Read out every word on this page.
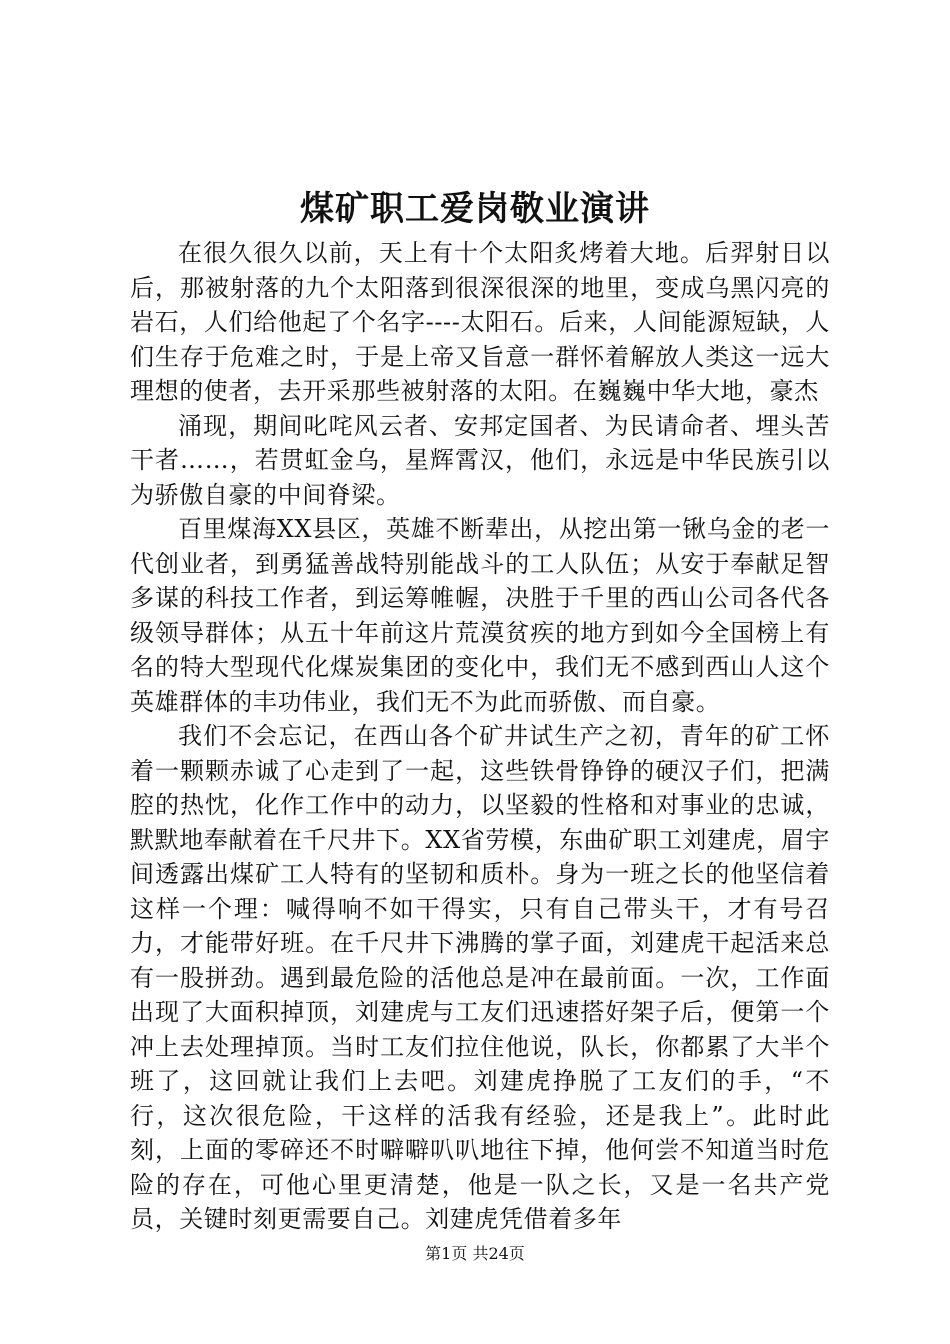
煤矿职工爱岗敬业演讲

在很久很久以前，天上有十个太阳炙烤着大地。后羿射日以后，那被射落的九个太阳落到很深很深的地里，变成乌黑闪亮的岩石，人们给他起了个名字----太阳石。后来，人间能源短缺，人们生存于危难之时，于是上帝又旨意一群怀着解放人类这一远大理想的使者，去开采那些被射落的太阳。在巍巍中华大地，豪杰

涌现，期间叱咤风云者、安邦定国者、为民请命者、埋头苦干者……，若贯虹金乌，星辉霄汉，他们，永远是中华民族引以为骄傲自豪的中间脊梁。

百里煤海XX县区，英雄不断辈出，从挖出第一锹乌金的老一代创业者，到勇猛善战特别能战斗的工人队伍；从安于奉献足智多谋的科技工作者，到运筹帷幄，决胜于千里的西山公司各代各级领导群体；从五十年前这片荒漠贫疾的地方到如今全国榜上有名的特大型现代化煤炭集团的变化中，我们无不感到西山人这个英雄群体的丰功伟业，我们无不为此而骄傲、而自豪。

我们不会忘记，在西山各个矿井试生产之初，青年的矿工怀着一颗颗赤诚了心走到了一起，这些铁骨铮铮的硬汉子们，把满腔的热忱，化作工作中的动力，以坚毅的性格和对事业的忠诚，默默地奉献着在千尺井下。XX省劳模，东曲矿职工刘建虎，眉宇间透露出煤矿工人特有的坚韧和质朴。身为一班之长的他坚信着这样一个理：喊得响不如干得实，只有自己带头干，才有号召力，才能带好班。在千尺井下沸腾的掌子面，刘建虎干起活来总有一股拼劲。遇到最危险的活他总是冲在最前面。一次，工作面出现了大面积掉顶，刘建虎与工友们迅速搭好架子后，便第一个冲上去处理掉顶。当时工友们拉住他说，队长，你都累了大半个班了，这回就让我们上去吧。刘建虎挣脱了工友们的手，“不行，这次很危险，干这样的活我有经验，还是我上”。此时此刻，上面的零碎还不时噼噼叭叭地往下掉，他何尝不知道当时危险的存在，可他心里更清楚，他是一队之长，又是一名共产党员，关键时刻更需要自己。刘建虎凭借着多年

第1页 共24页
